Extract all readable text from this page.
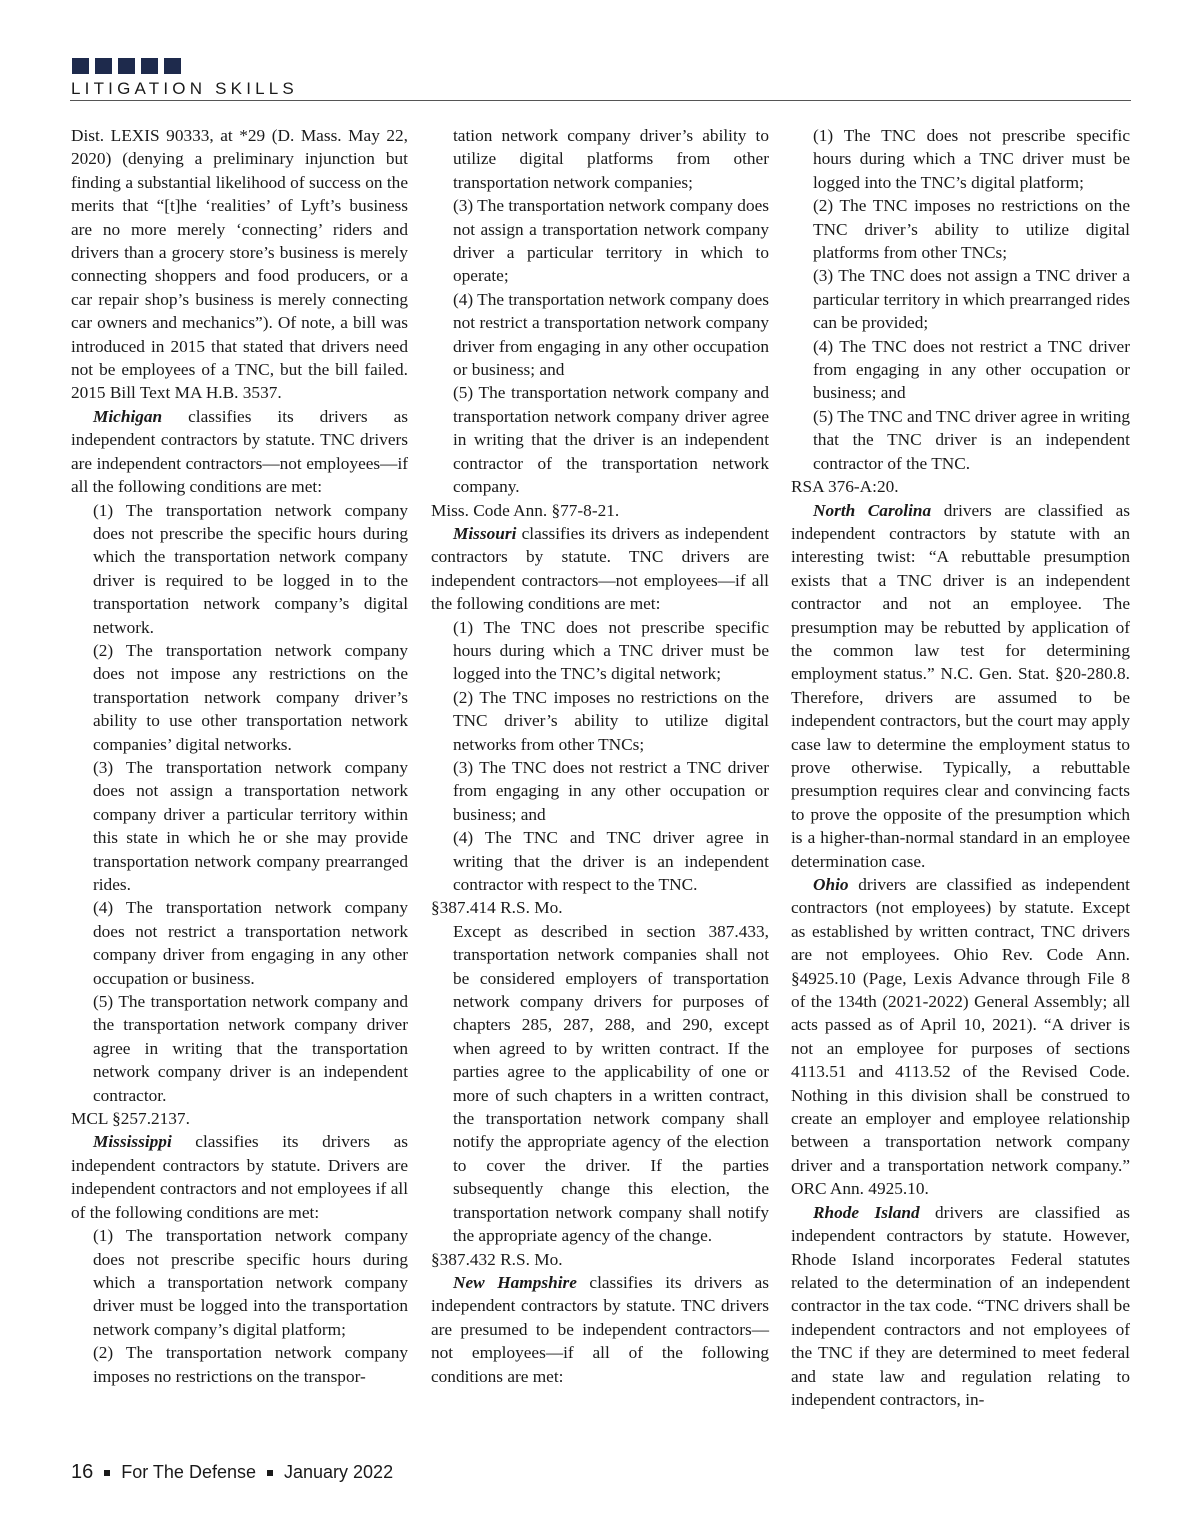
LITIGATION SKILLS

Dist. LEXIS 90333, at *29 (D. Mass. May 22, 2020) (denying a preliminary injunction but finding a substantial likelihood of success on the merits that “[t]he ‘realities’ of Lyft’s business are no more merely ‘connecting’ riders and drivers than a grocery store’s business is merely connecting shoppers and food producers, or a car repair shop’s business is merely connecting car owners and mechanics”). Of note, a bill was introduced in 2015 that stated that drivers need not be employees of a TNC, but the bill failed. 2015 Bill Text MA H.B. 3537.

Michigan classifies its drivers as independent contractors by statute. TNC drivers are independent contractors—not employees—if all the following conditions are met:

(1) The transportation network company does not prescribe the specific hours during which the transportation network company driver is required to be logged in to the transportation network company’s digital network.

(2) The transportation network company does not impose any restrictions on the transportation network company driver’s ability to use other transportation network companies’ digital networks.

(3) The transportation network company does not assign a transportation network company driver a particular territory within this state in which he or she may provide transportation network company prearranged rides.

(4) The transportation network company does not restrict a transportation network company driver from engaging in any other occupation or business.

(5) The transportation network company and the transportation network company driver agree in writing that the transportation network company driver is an independent contractor.

MCL §257.2137.

Mississippi classifies its drivers as independent contractors by statute. Drivers are independent contractors and not employees if all of the following conditions are met:

(1) The transportation network company does not prescribe specific hours during which a transportation network company driver must be logged into the transportation network company’s digital platform;

(2) The transportation network company imposes no restrictions on the transpor-

tation network company driver’s ability to utilize digital platforms from other transportation network companies;

(3) The transportation network company does not assign a transportation network company driver a particular territory in which to operate;

(4) The transportation network company does not restrict a transportation network company driver from engaging in any other occupation or business; and

(5) The transportation network company and transportation network company driver agree in writing that the driver is an independent contractor of the transportation network company.

Miss. Code Ann. §77-8-21.

Missouri classifies its drivers as independent contractors by statute. TNC drivers are independent contractors—not employees—if all the following conditions are met:

(1) The TNC does not prescribe specific hours during which a TNC driver must be logged into the TNC’s digital network;

(2) The TNC imposes no restrictions on the TNC driver’s ability to utilize digital networks from other TNCs;

(3) The TNC does not restrict a TNC driver from engaging in any other occupation or business; and

(4) The TNC and TNC driver agree in writing that the driver is an independent contractor with respect to the TNC.

§387.414 R.S. Mo.

Except as described in section 387.433, transportation network companies shall not be considered employers of transportation network company drivers for purposes of chapters 285, 287, 288, and 290, except when agreed to by written contract. If the parties agree to the applicability of one or more of such chapters in a written contract, the transportation network company shall notify the appropriate agency of the election to cover the driver. If the parties subsequently change this election, the transportation network company shall notify the appropriate agency of the change.

§387.432 R.S. Mo.

New Hampshire classifies its drivers as independent contractors by statute. TNC drivers are presumed to be independent contractors—not employees—if all of the following conditions are met:

(1) The TNC does not prescribe specific hours during which a TNC driver must be logged into the TNC’s digital platform;

(2) The TNC imposes no restrictions on the TNC driver’s ability to utilize digital platforms from other TNCs;

(3) The TNC does not assign a TNC driver a particular territory in which prearranged rides can be provided;

(4) The TNC does not restrict a TNC driver from engaging in any other occupation or business; and

(5) The TNC and TNC driver agree in writing that the TNC driver is an independent contractor of the TNC.

RSA 376-A:20.

North Carolina drivers are classified as independent contractors by statute with an interesting twist: “A rebuttable presumption exists that a TNC driver is an independent contractor and not an employee. The presumption may be rebutted by application of the common law test for determining employment status.” N.C. Gen. Stat. §20-280.8. Therefore, drivers are assumed to be independent contractors, but the court may apply case law to determine the employment status to prove otherwise. Typically, a rebuttable presumption requires clear and convincing facts to prove the opposite of the presumption which is a higher-than-normal standard in an employee determination case.

Ohio drivers are classified as independent contractors (not employees) by statute. Except as established by written contract, TNC drivers are not employees. Ohio Rev. Code Ann. §4925.10 (Page, Lexis Advance through File 8 of the 134th (2021-2022) General Assembly; all acts passed as of April 10, 2021). “A driver is not an employee for purposes of sections 4113.51 and 4113.52 of the Revised Code. Nothing in this division shall be construed to create an employer and employee relationship between a transportation network company driver and a transportation network company.” ORC Ann. 4925.10.

Rhode Island drivers are classified as independent contractors by statute. However, Rhode Island incorporates Federal statutes related to the determination of an independent contractor in the tax code. “TNC drivers shall be independent contractors and not employees of the TNC if they are determined to meet federal and state law and regulation relating to independent contractors, in-

16 For The Defense January 2022
